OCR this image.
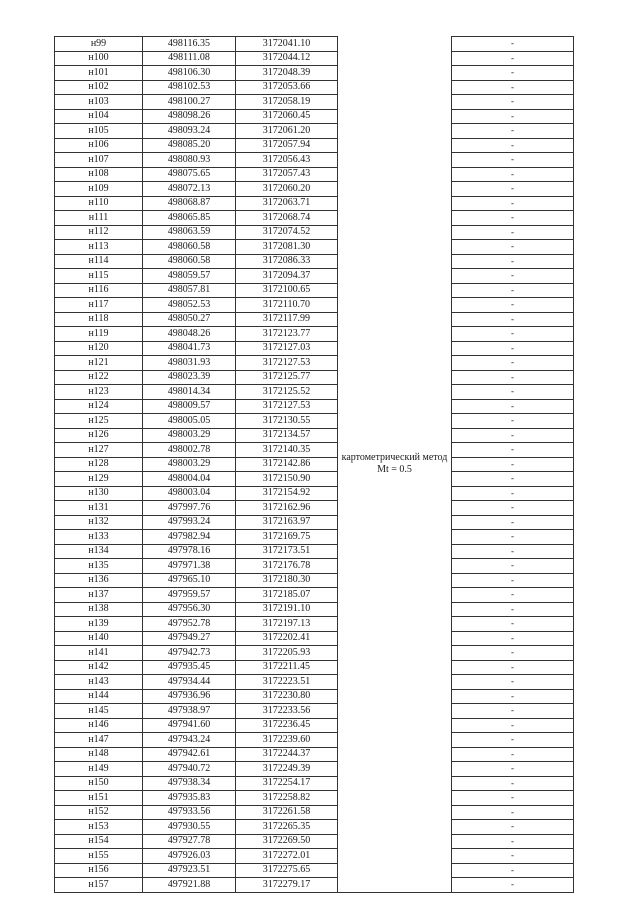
н99	498116.35	3172041.10	картометрический метод Mt = 0.5	-
н100	498111.08	3172044.12		-
н101	498106.30	3172048.39		-
н102	498102.53	3172053.66		-
н103	498100.27	3172058.19		-
н104	498098.26	3172060.45		-
н105	498093.24	3172061.20		-
н106	498085.20	3172057.94		-
н107	498080.93	3172056.43		-
н108	498075.65	3172057.43		-
н109	498072.13	3172060.20		-
н110	498068.87	3172063.71		-
н111	498065.85	3172068.74		-
н112	498063.59	3172074.52		-
н113	498060.58	3172081.30		-
н114	498060.58	3172086.33		-
н115	498059.57	3172094.37		-
н116	498057.81	3172100.65		-
н117	498052.53	3172110.70		-
н118	498050.27	3172117.99		-
н119	498048.26	3172123.77		-
н120	498041.73	3172127.03		-
н121	498031.93	3172127.53		-
н122	498023.39	3172125.77		-
н123	498014.34	3172125.52		-
н124	498009.57	3172127.53		-
н125	498005.05	3172130.55		-
н126	498003.29	3172134.57		-
н127	498002.78	3172140.35		-
н128	498003.29	3172142.86		-
н129	498004.04	3172150.90		-
н130	498003.04	3172154.92		-
н131	497997.76	3172162.96		-
н132	497993.24	3172163.97		-
н133	497982.94	3172169.75		-
н134	497978.16	3172173.51		-
н135	497971.38	3172176.78		-
н136	497965.10	3172180.30		-
н137	497959.57	3172185.07		-
н138	497956.30	3172191.10		-
н139	497952.78	3172197.13		-
н140	497949.27	3172202.41		-
н141	497942.73	3172205.93		-
н142	497935.45	3172211.45		-
н143	497934.44	3172223.51		-
н144	497936.96	3172230.80		-
н145	497938.97	3172233.56		-
н146	497941.60	3172236.45		-
н147	497943.24	3172239.60		-
н148	497942.61	3172244.37		-
н149	497940.72	3172249.39		-
н150	497938.34	3172254.17		-
н151	497935.83	3172258.82		-
н152	497933.56	3172261.58		-
н153	497930.55	3172265.35		-
н154	497927.78	3172269.50		-
н155	497926.03	3172272.01		-
н156	497923.51	3172275.65		-
н157	497921.88	3172279.17		-
